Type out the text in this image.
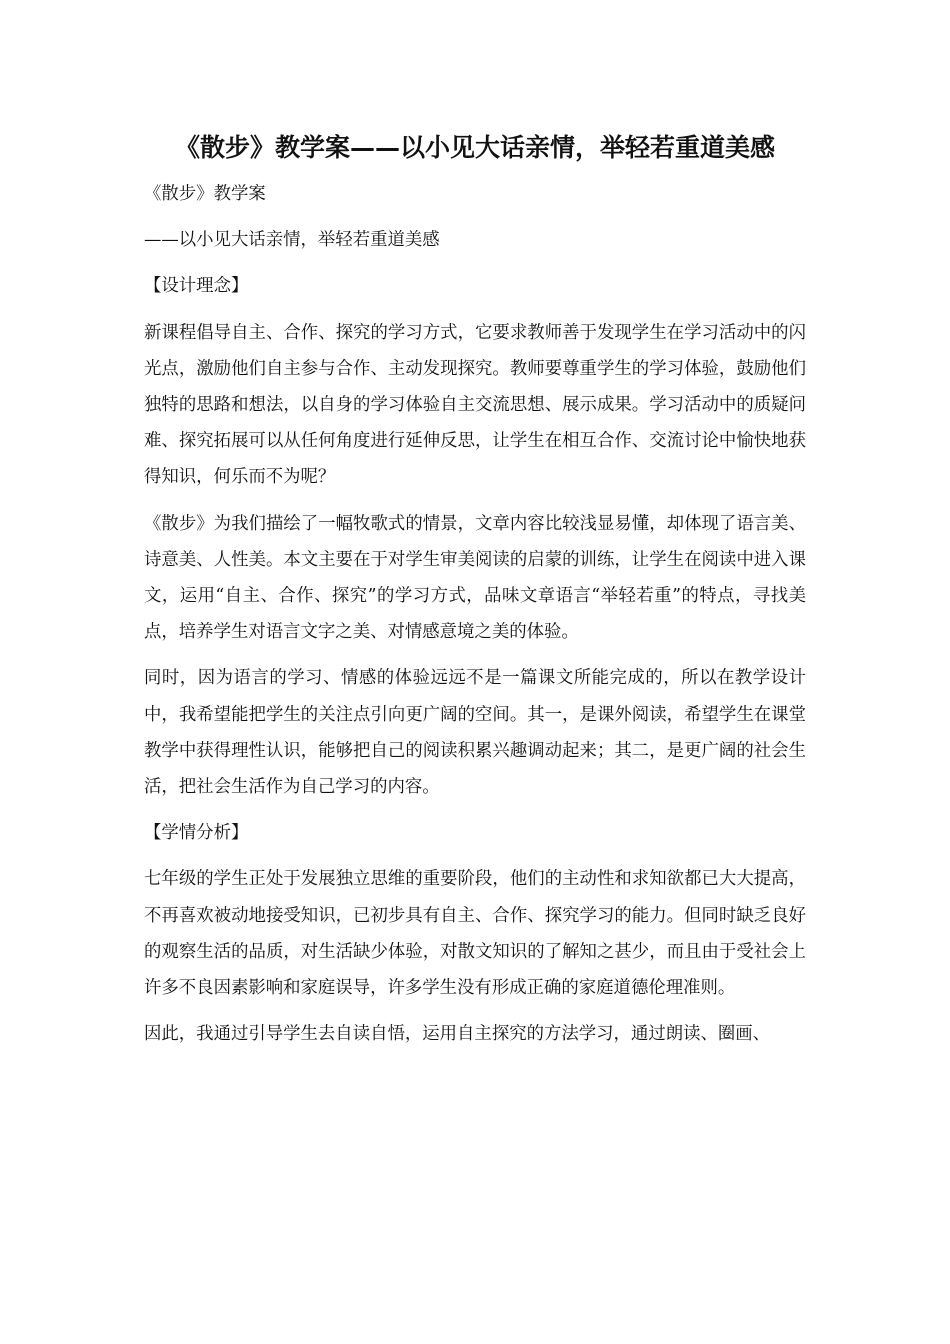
《散步》教学案——以小见大话亲情，举轻若重道美感

《散步》教学案

——以小见大话亲情，举轻若重道美感

【设计理念】

新课程倡导自主、合作、探究的学习方式，它要求教师善于发现学生在学习活动中的闪光点，激励他们自主参与合作、主动发现探究。教师要尊重学生的学习体验，鼓励他们独特的思路和想法，以自身的学习体验自主交流思想、展示成果。学习活动中的质疑问难、探究拓展可以从任何角度进行延伸反思，让学生在相互合作、交流讨论中愉快地获得知识，何乐而不为呢？

《散步》为我们描绘了一幅牧歌式的情景，文章内容比较浅显易懂，却体现了语言美、诗意美、人性美。本文主要在于对学生审美阅读的启蒙的训练，让学生在阅读中进入课文，运用“自主、合作、探究”的学习方式，品味文章语言“举轻若重”的特点，寻找美点，培养学生对语言文字之美、对情感意境之美的体验。

同时，因为语言的学习、情感的体验远远不是一篇课文所能完成的，所以在教学设计中，我希望能把学生的关注点引向更广阔的空间。其一，是课外阅读，希望学生在课堂教学中获得理性认识，能够把自己的阅读积累兴趣调动起来；其二，是更广阔的社会生活，把社会生活作为自己学习的内容。

【学情分析】

七年级的学生正处于发展独立思维的重要阶段，他们的主动性和求知欲都已大大提高，不再喜欢被动地接受知识，已初步具有自主、合作、探究学习的能力。但同时缺乏良好的观察生活的品质，对生活缺少体验，对散文知识的了解知之甚少，而且由于受社会上许多不良因素影响和家庭误导，许多学生没有形成正确的家庭道德伦理准则。

因此，我通过引导学生去自读自悟，运用自主探究的方法学习，通过朗读、圈画、
